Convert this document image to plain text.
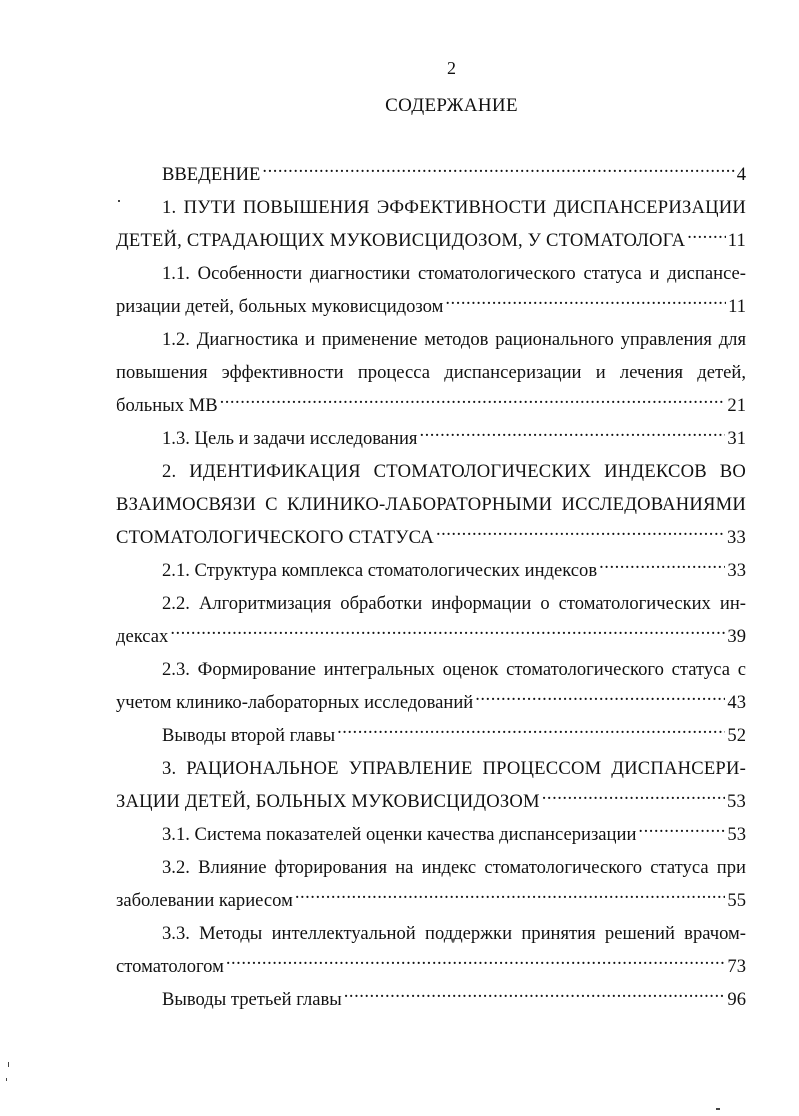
2
СОДЕРЖАНИЕ
ВВЕДЕНИЕ .....	4
1. ПУТИ ПОВЫШЕНИЯ ЭФФЕКТИВНОСТИ ДИСПАНСЕРИЗАЦИИ
ДЕТЕЙ, СТРАДАЮЩИХ МУКОВИСЦИДОЗОМ, У СТОМАТОЛОГА ..... 11
1.1. Особенности диагностики стоматологического статуса и диспансе-
ризации детей, больных муковисцидозом .....	11
1.2. Диагностика и применение методов рационального управления для
повышения эффективности процесса диспансеризации и лечения детей,
больных МВ .....	21
1.3. Цель и задачи исследования .....	31
2. ИДЕНТИФИКАЦИЯ СТОМАТОЛОГИЧЕСКИХ ИНДЕКСОВ ВО
ВЗАИМОСВЯЗИ С КЛИНИКО-ЛАБОРАТОРНЫМИ ИССЛЕДОВАНИЯМИ
СТОМАТОЛОГИЧЕСКОГО СТАТУСА .....	33
2.1. Структура комплекса стоматологических индексов .....	33
2.2. Алгоритмизация обработки информации о стоматологических ин-
дексах .....	39
2.3. Формирование интегральных оценок стоматологического статуса с
учетом клинико-лабораторных исследований .....	43
Выводы второй главы .....	52
3. РАЦИОНАЛЬНОЕ УПРАВЛЕНИЕ ПРОЦЕССОМ ДИСПАНСЕРИ-
ЗАЦИИ ДЕТЕЙ, БОЛЬНЫХ МУКОВИСЦИДОЗОМ .....	53
3.1. Система показателей оценки качества диспансеризации .....	53
3.2. Влияние фторирования на индекс стоматологического статуса при
заболевании кариесом .....	55
3.3. Методы интеллектуальной поддержки принятия решений врачом-
стоматологом .....	73
Выводы третьей главы .....	96
